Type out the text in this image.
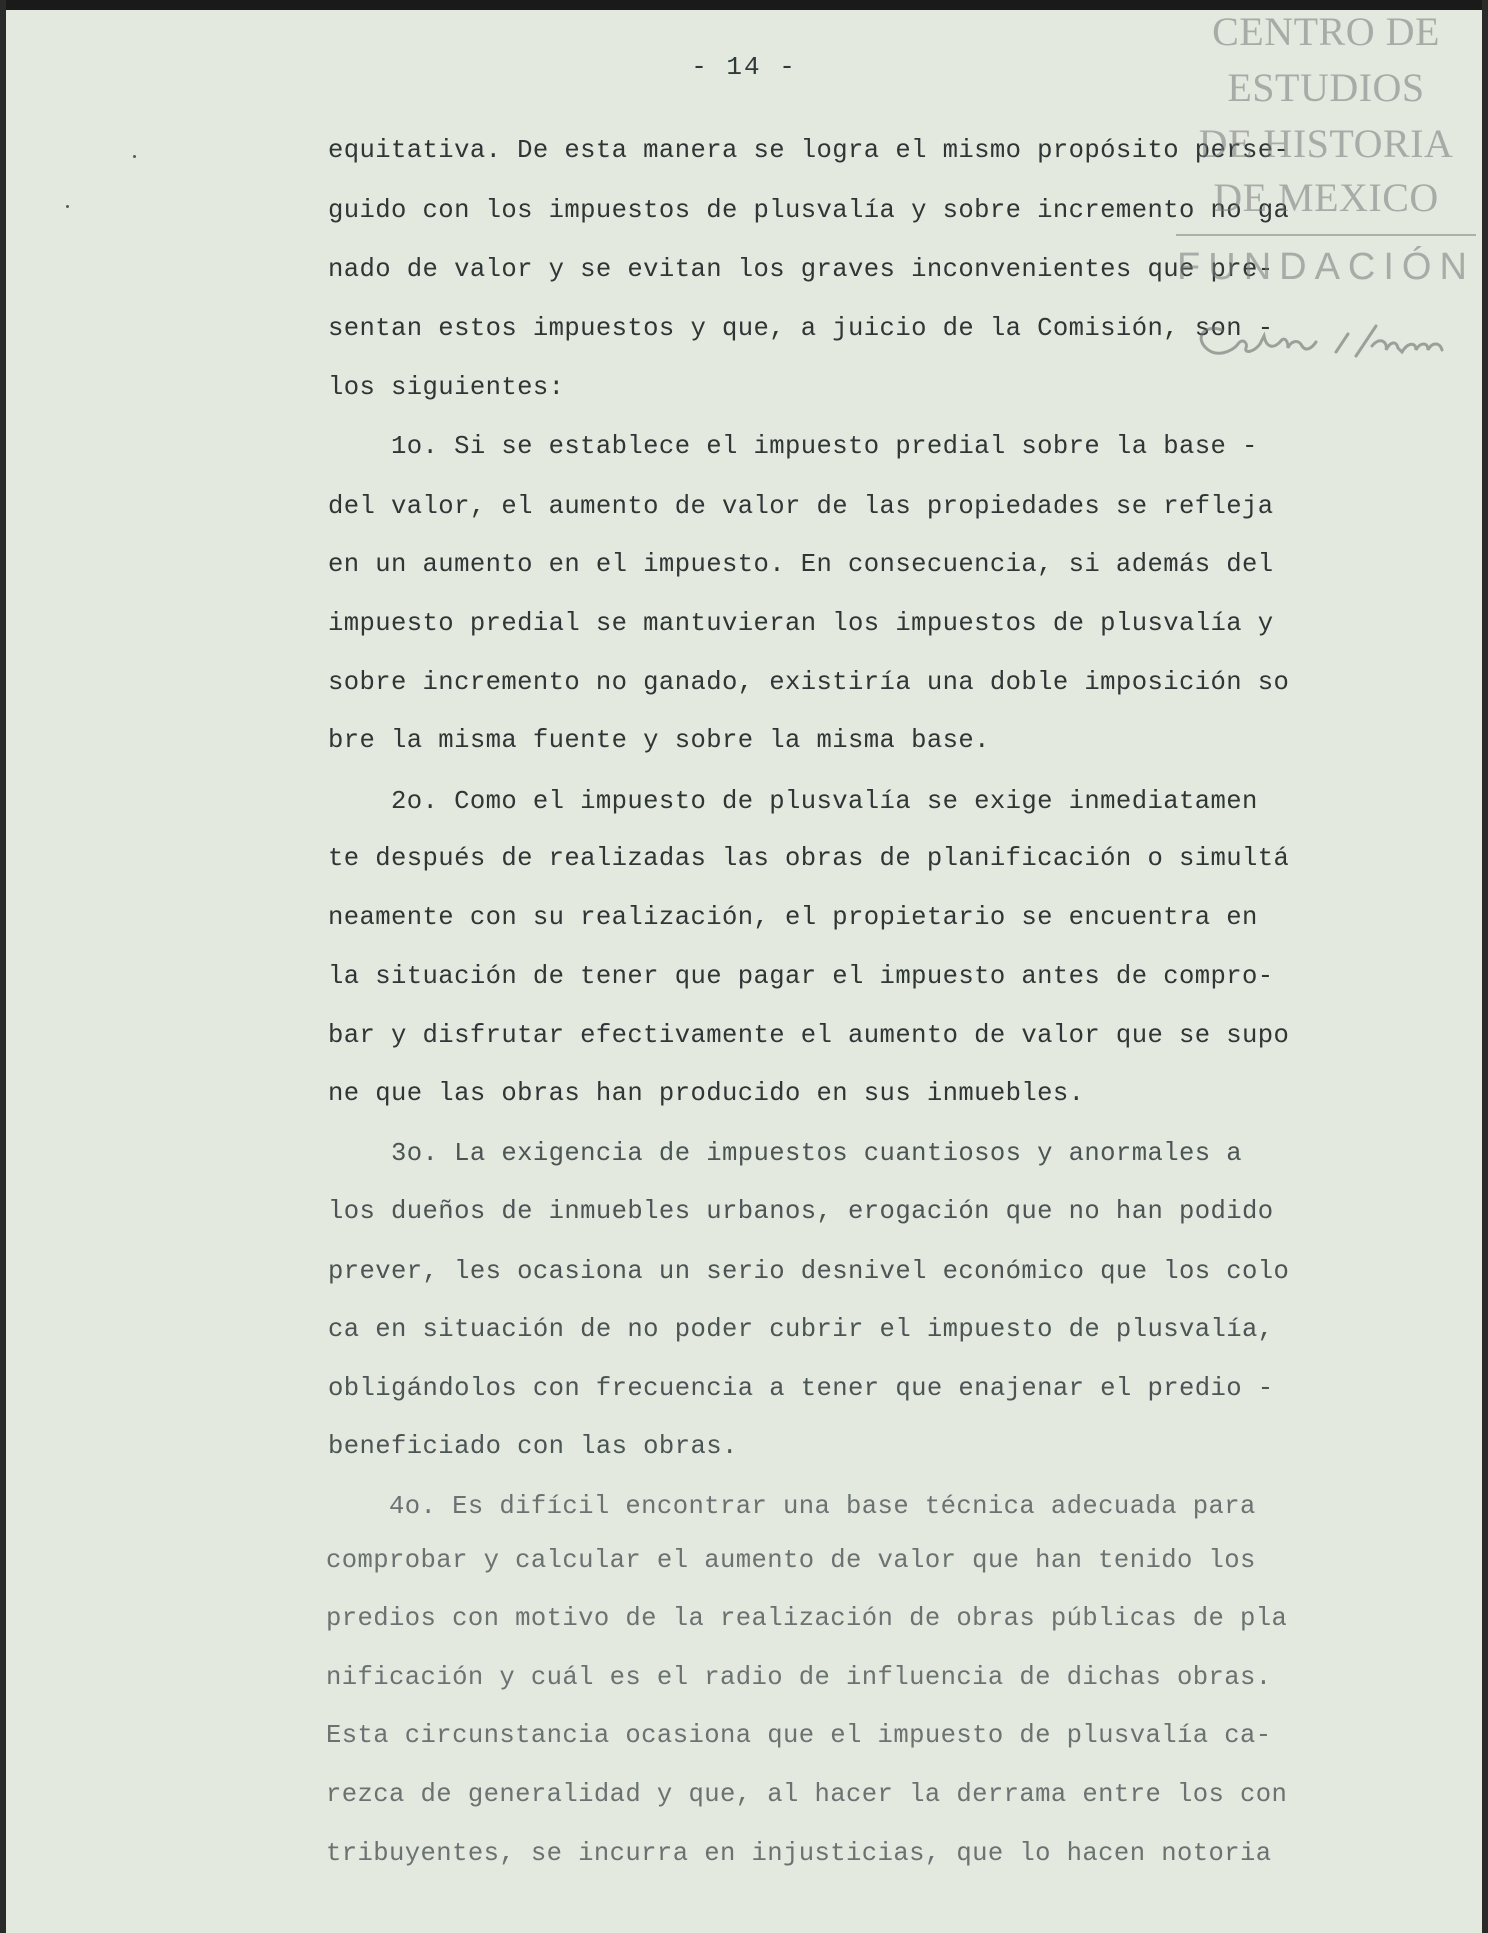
- 14 -
equitativa. De esta manera se logra el mismo propósito perse-
guido con los impuestos de plusvalía y sobre incremento no ga
nado de valor y se evitan los graves inconvenientes que pre-
sentan estos impuestos y que, a juicio de la Comisión, son -
los siguientes:
1o. Si se establece el impuesto predial sobre la base -
del valor, el aumento de valor de las propiedades se refleja
en un aumento en el impuesto. En consecuencia, si además del
impuesto predial se mantuvieran los impuestos de plusvalía y
sobre incremento no ganado, existiría una doble imposición so
bre la misma fuente y sobre la misma base.
2o. Como el impuesto de plusvalía se exige inmediatamen
te después de realizadas las obras de planificación o simultá
neamente con su realización, el propietario se encuentra en
la situación de tener que pagar el impuesto antes de compro-
bar y disfrutar efectivamente el aumento de valor que se supo
ne que las obras han producido en sus inmuebles.
3o. La exigencia de impuestos cuantiosos y anormales a
los dueños de inmuebles urbanos, erogación que no han podido
prever, les ocasiona un serio desnivel económico que los colo
ca en situación de no poder cubrir el impuesto de plusvalía,
obligándolos con frecuencia a tener que enajenar el predio -
beneficiado con las obras.
4o. Es difícil encontrar una base técnica adecuada para
comprobar y calcular el aumento de valor que han tenido los
predios con motivo de la realización de obras públicas de pla
nificación y cuál es el radio de influencia de dichas obras.
Esta circunstancia ocasiona que el impuesto de plusvalía ca-
rezca de generalidad y que, al hacer la derrama entre los con
tribuyentes, se incurra en injusticias, que lo hacen notoria
CENTRO DE
ESTUDIOS
DE HISTORIA
DE MEXICO
FUNDACIÓN
